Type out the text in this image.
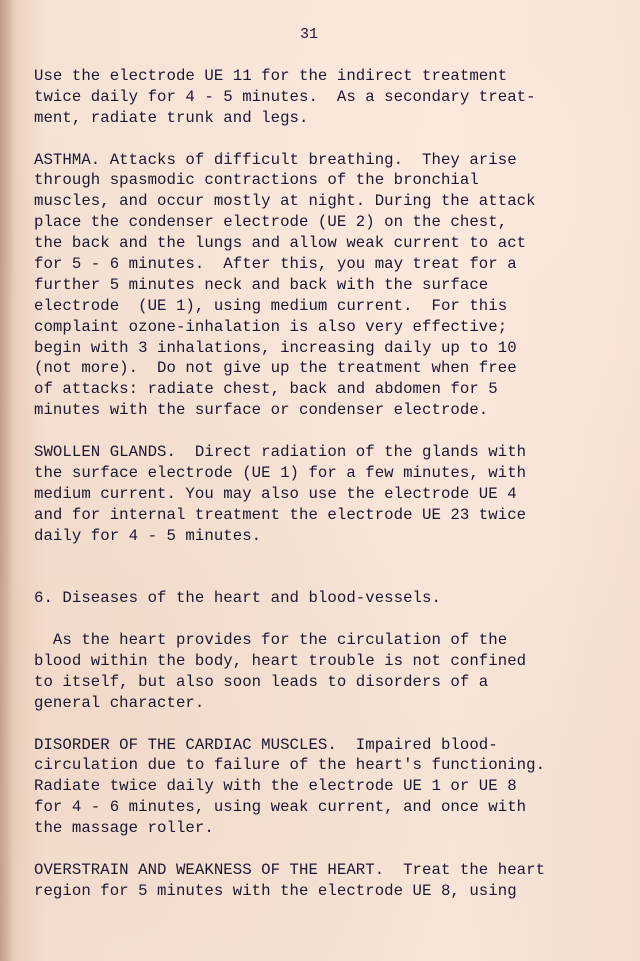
31
Use the electrode UE 11 for the indirect treatment
twice daily for 4 - 5 minutes.  As a secondary treat-
ment, radiate trunk and legs.
ASTHMA. Attacks of difficult breathing.  They arise
through spasmodic contractions of the bronchial
muscles, and occur mostly at night. During the attack
place the condenser electrode (UE 2) on the chest,
the back and the lungs and allow weak current to act
for 5 - 6 minutes.  After this, you may treat for a
further 5 minutes neck and back with the surface
electrode  (UE 1), using medium current.  For this
complaint ozone-inhalation is also very effective;
begin with 3 inhalations, increasing daily up to 10
(not more).  Do not give up the treatment when free
of attacks: radiate chest, back and abdomen for 5
minutes with the surface or condenser electrode.
SWOLLEN GLANDS.  Direct radiation of the glands with
the surface electrode (UE 1) for a few minutes, with
medium current. You may also use the electrode UE 4
and for internal treatment the electrode UE 23 twice
daily for 4 - 5 minutes.
6. Diseases of the heart and blood-vessels.
As the heart provides for the circulation of the
blood within the body, heart trouble is not confined
to itself, but also soon leads to disorders of a
general character.
DISORDER OF THE CARDIAC MUSCLES.  Impaired blood-
circulation due to failure of the heart's functioning.
Radiate twice daily with the electrode UE 1 or UE 8
for 4 - 6 minutes, using weak current, and once with
the massage roller.
OVERSTRAIN AND WEAKNESS OF THE HEART.  Treat the heart
region for 5 minutes with the electrode UE 8, using
